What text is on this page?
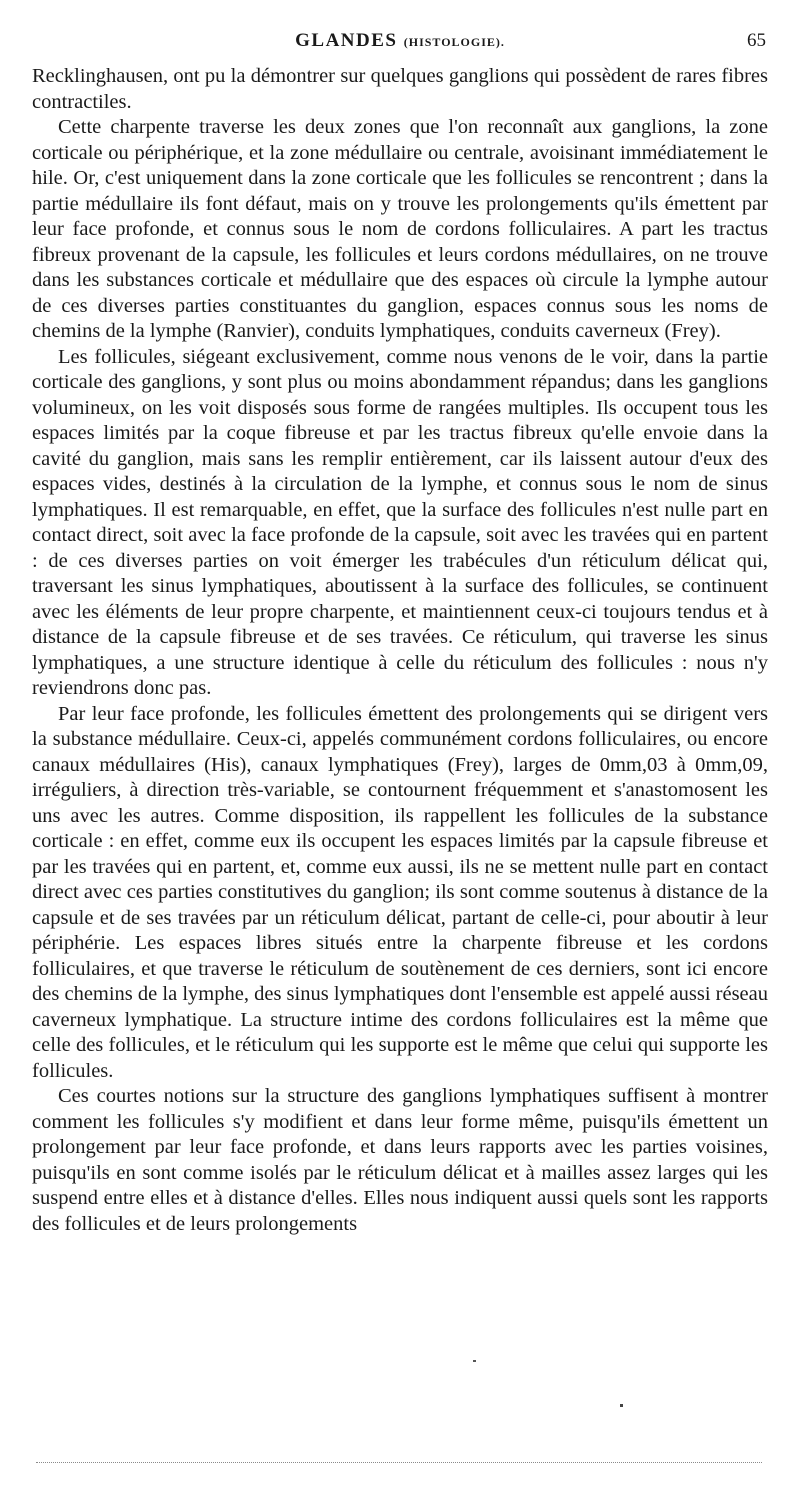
GLANDES (HISTOLOGIE).	65

Recklinghausen, ont pu la démontrer sur quelques ganglions qui possèdent de rares fibres contractiles.

Cette charpente traverse les deux zones que l'on reconnaît aux ganglions, la zone corticale ou périphérique, et la zone médullaire ou centrale, avoisinant immédiatement le hile. Or, c'est uniquement dans la zone corticale que les follicules se rencontrent ; dans la partie médullaire ils font défaut, mais on y trouve les prolongements qu'ils émettent par leur face profonde, et connus sous le nom de cordons folliculaires. A part les tractus fibreux provenant de la capsule, les follicules et leurs cordons médullaires, on ne trouve dans les substances corticale et médullaire que des espaces où circule la lymphe autour de ces diverses parties constituantes du ganglion, espaces connus sous les noms de chemins de la lymphe (Ranvier), conduits lymphatiques, conduits caverneux (Frey).

Les follicules, siégeant exclusivement, comme nous venons de le voir, dans la partie corticale des ganglions, y sont plus ou moins abondamment répandus; dans les ganglions volumineux, on les voit disposés sous forme de rangées multiples. Ils occupent tous les espaces limités par la coque fibreuse et par les tractus fibreux qu'elle envoie dans la cavité du ganglion, mais sans les remplir entièrement, car ils laissent autour d'eux des espaces vides, destinés à la circulation de la lymphe, et connus sous le nom de sinus lymphatiques. Il est remarquable, en effet, que la surface des follicules n'est nulle part en contact direct, soit avec la face profonde de la capsule, soit avec les travées qui en partent : de ces diverses parties on voit émerger les trabécules d'un réticulum délicat qui, traversant les sinus lymphatiques, aboutissent à la surface des follicules, se continuent avec les éléments de leur propre charpente, et maintiennent ceux-ci toujours tendus et à distance de la capsule fibreuse et de ses travées. Ce réticulum, qui traverse les sinus lymphatiques, a une structure identique à celle du réticulum des follicules : nous n'y reviendrons donc pas.

Par leur face profonde, les follicules émettent des prolongements qui se dirigent vers la substance médullaire. Ceux-ci, appelés communément cordons folliculaires, ou encore canaux médullaires (His), canaux lymphatiques (Frey), larges de 0mm,03 à 0mm,09, irréguliers, à direction très-variable, se contournent fréquemment et s'anastomosent les uns avec les autres. Comme disposition, ils rappellent les follicules de la substance corticale : en effet, comme eux ils occupent les espaces limités par la capsule fibreuse et par les travées qui en partent, et, comme eux aussi, ils ne se mettent nulle part en contact direct avec ces parties constitutives du ganglion; ils sont comme soutenus à distance de la capsule et de ses travées par un réticulum délicat, partant de celle-ci, pour aboutir à leur périphérie. Les espaces libres situés entre la charpente fibreuse et les cordons folliculaires, et que traverse le réticulum de soutènement de ces derniers, sont ici encore des chemins de la lymphe, des sinus lymphatiques dont l'ensemble est appelé aussi réseau caverneux lymphatique. La structure intime des cordons folliculaires est la même que celle des follicules, et le réticulum qui les supporte est le même que celui qui supporte les follicules.

Ces courtes notions sur la structure des ganglions lymphatiques suffisent à montrer comment les follicules s'y modifient et dans leur forme même, puisqu'ils émettent un prolongement par leur face profonde, et dans leurs rapports avec les parties voisines, puisqu'ils en sont comme isolés par le réticulum délicat et à mailles assez larges qui les suspend entre elles et à distance d'elles. Elles nous indiquent aussi quels sont les rapports des follicules et de leurs prolongements
